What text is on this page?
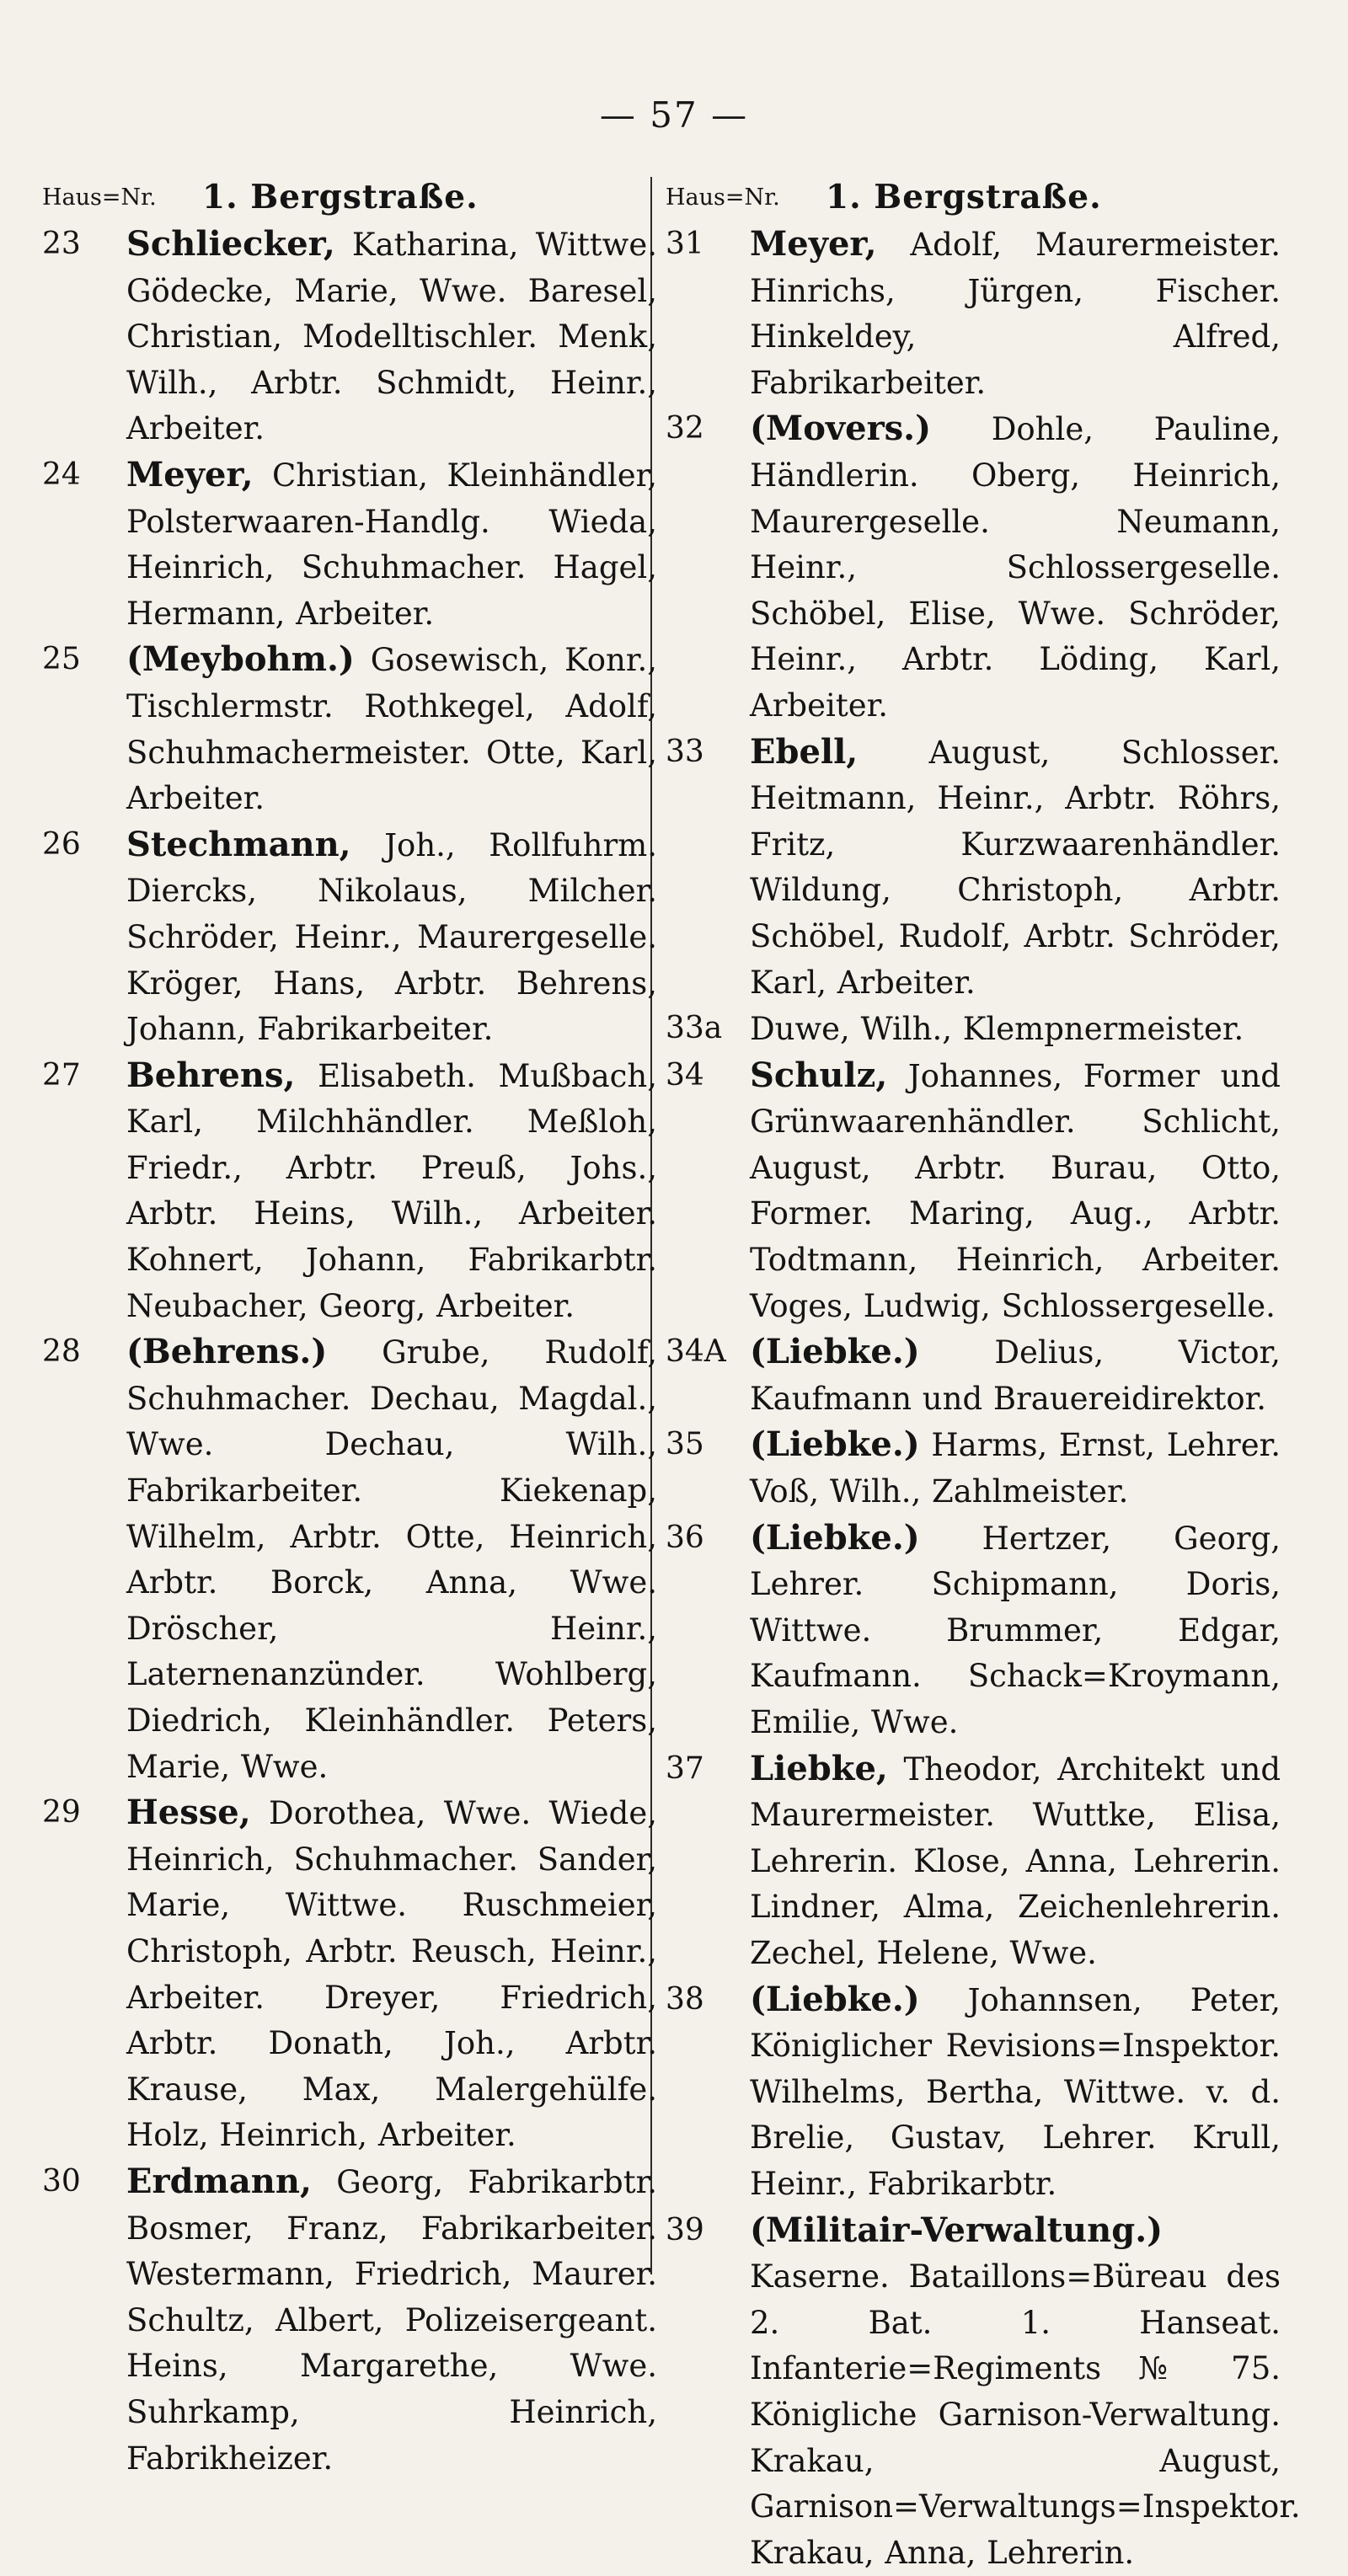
— 57 —
Haus=Nr. 1. Bergstraße.
23	Schliecker, Katharina, Wittwe. Gödecke, Marie, Wwe. Baresel, Christian, Modelltischler. Menk, Wilh., Arbtr. Schmidt, Heinr., Arbeiter.
24	Meyer, Christian, Kleinhändler, Polsterwaaren-Handlg. Wieda, Heinrich, Schuhmacher. Hagel, Hermann, Arbeiter.
25	(Meybohm.) Gosewisch, Konr., Tischlermstr. Rothkegel, Adolf, Schuhmachermeister. Otte, Karl, Arbeiter.
26	Stechmann, Joh., Rollfuhrm. Diercks, Nikolaus, Milcher. Schröder, Heinr., Maurergeselle. Kröger, Hans, Arbtr. Behrens, Johann, Fabrikarbeiter.
27	Behrens, Elisabeth. Mußbach, Karl, Milchhändler. Meßloh, Friedr., Arbtr. Preuß, Johs., Arbtr. Heins, Wilh., Arbeiter. Kohnert, Johann, Fabrikarbtr. Neubacher, Georg, Arbeiter.
28	(Behrens.) Grube, Rudolf, Schuhmacher. Dechau, Magdal., Wwe. Dechau, Wilh., Fabrikarbeiter. Kiekenap, Wilhelm, Arbtr. Otte, Heinrich, Arbtr. Borck, Anna, Wwe. Dröscher, Heinr., Laternenanzünder. Wohlberg, Diedrich, Kleinhändler. Peters, Marie, Wwe.
29	Hesse, Dorothea, Wwe. Wiede, Heinrich, Schuhmacher. Sander, Marie, Wittwe. Ruschmeier, Christoph, Arbtr. Reusch, Heinr., Arbeiter. Dreyer, Friedrich, Arbtr. Donath, Joh., Arbtr. Krause, Max, Malergehülfe. Holz, Heinrich, Arbeiter.
30	Erdmann, Georg, Fabrikarbtr. Bosmer, Franz, Fabrikarbeiter. Westermann, Friedrich, Maurer. Schultz, Albert, Polizeisergeant. Heins, Margarethe, Wwe. Suhrkamp, Heinrich, Fabrikheizer.
Haus=Nr. 1. Bergstraße.
31	Meyer, Adolf, Maurermeister. Hinrichs, Jürgen, Fischer. Hinkeldey, Alfred, Fabrikarbeiter.
32	(Movers.) Dohle, Pauline, Händlerin. Oberg, Heinrich, Maurergeselle. Neumann, Heinr., Schlossergeselle. Schöbel, Elise, Wwe. Schröder, Heinr., Arbtr. Löding, Karl, Arbeiter.
33	Ebell, August, Schlosser. Heitmann, Heinr., Arbtr. Röhrs, Fritz, Kurzwaarenhändler. Wildung, Christoph, Arbtr. Schöbel, Rudolf, Arbtr. Schröder, Karl, Arbeiter.
33a Duwe, Wilh., Klempnermeister.
34	Schulz, Johannes, Former und Grünwaarenhändler. Schlicht, August, Arbtr. Burau, Otto, Former. Maring, Aug., Arbtr. Todtmann, Heinrich, Arbeiter. Voges, Ludwig, Schlossergeselle.
34A (Liebke.) Delius, Victor, Kaufmann und Brauereidirektor.
35	(Liebke.) Harms, Ernst, Lehrer. Voß, Wilh., Zahlmeister.
36	(Liebke.) Hertzer, Georg, Lehrer. Schipmann, Doris, Wittwe. Brummer, Edgar, Kaufmann. Schack=Kroymann, Emilie, Wwe.
37	Liebke, Theodor, Architekt und Maurermeister. Wuttke, Elisa, Lehrerin. Klose, Anna, Lehrerin. Lindner, Alma, Zeichenlehrerin. Zechel, Helene, Wwe.
38	(Liebke.) Johannsen, Peter, Königlicher Revisions=Inspektor. Wilhelms, Bertha, Wittwe. v. d. Brelie, Gustav, Lehrer. Krull, Heinr., Fabrikarbtr.
39	(Militair-Verwaltung.) Kaserne. Bataillons=Büreau des 2. Bat. 1. Hanseat. Infanterie=Regiments № 75. Königliche Garnison-Verwaltung. Krakau, August, Garnison=Verwaltungs=Inspektor. Krakau, Anna, Lehrerin.
